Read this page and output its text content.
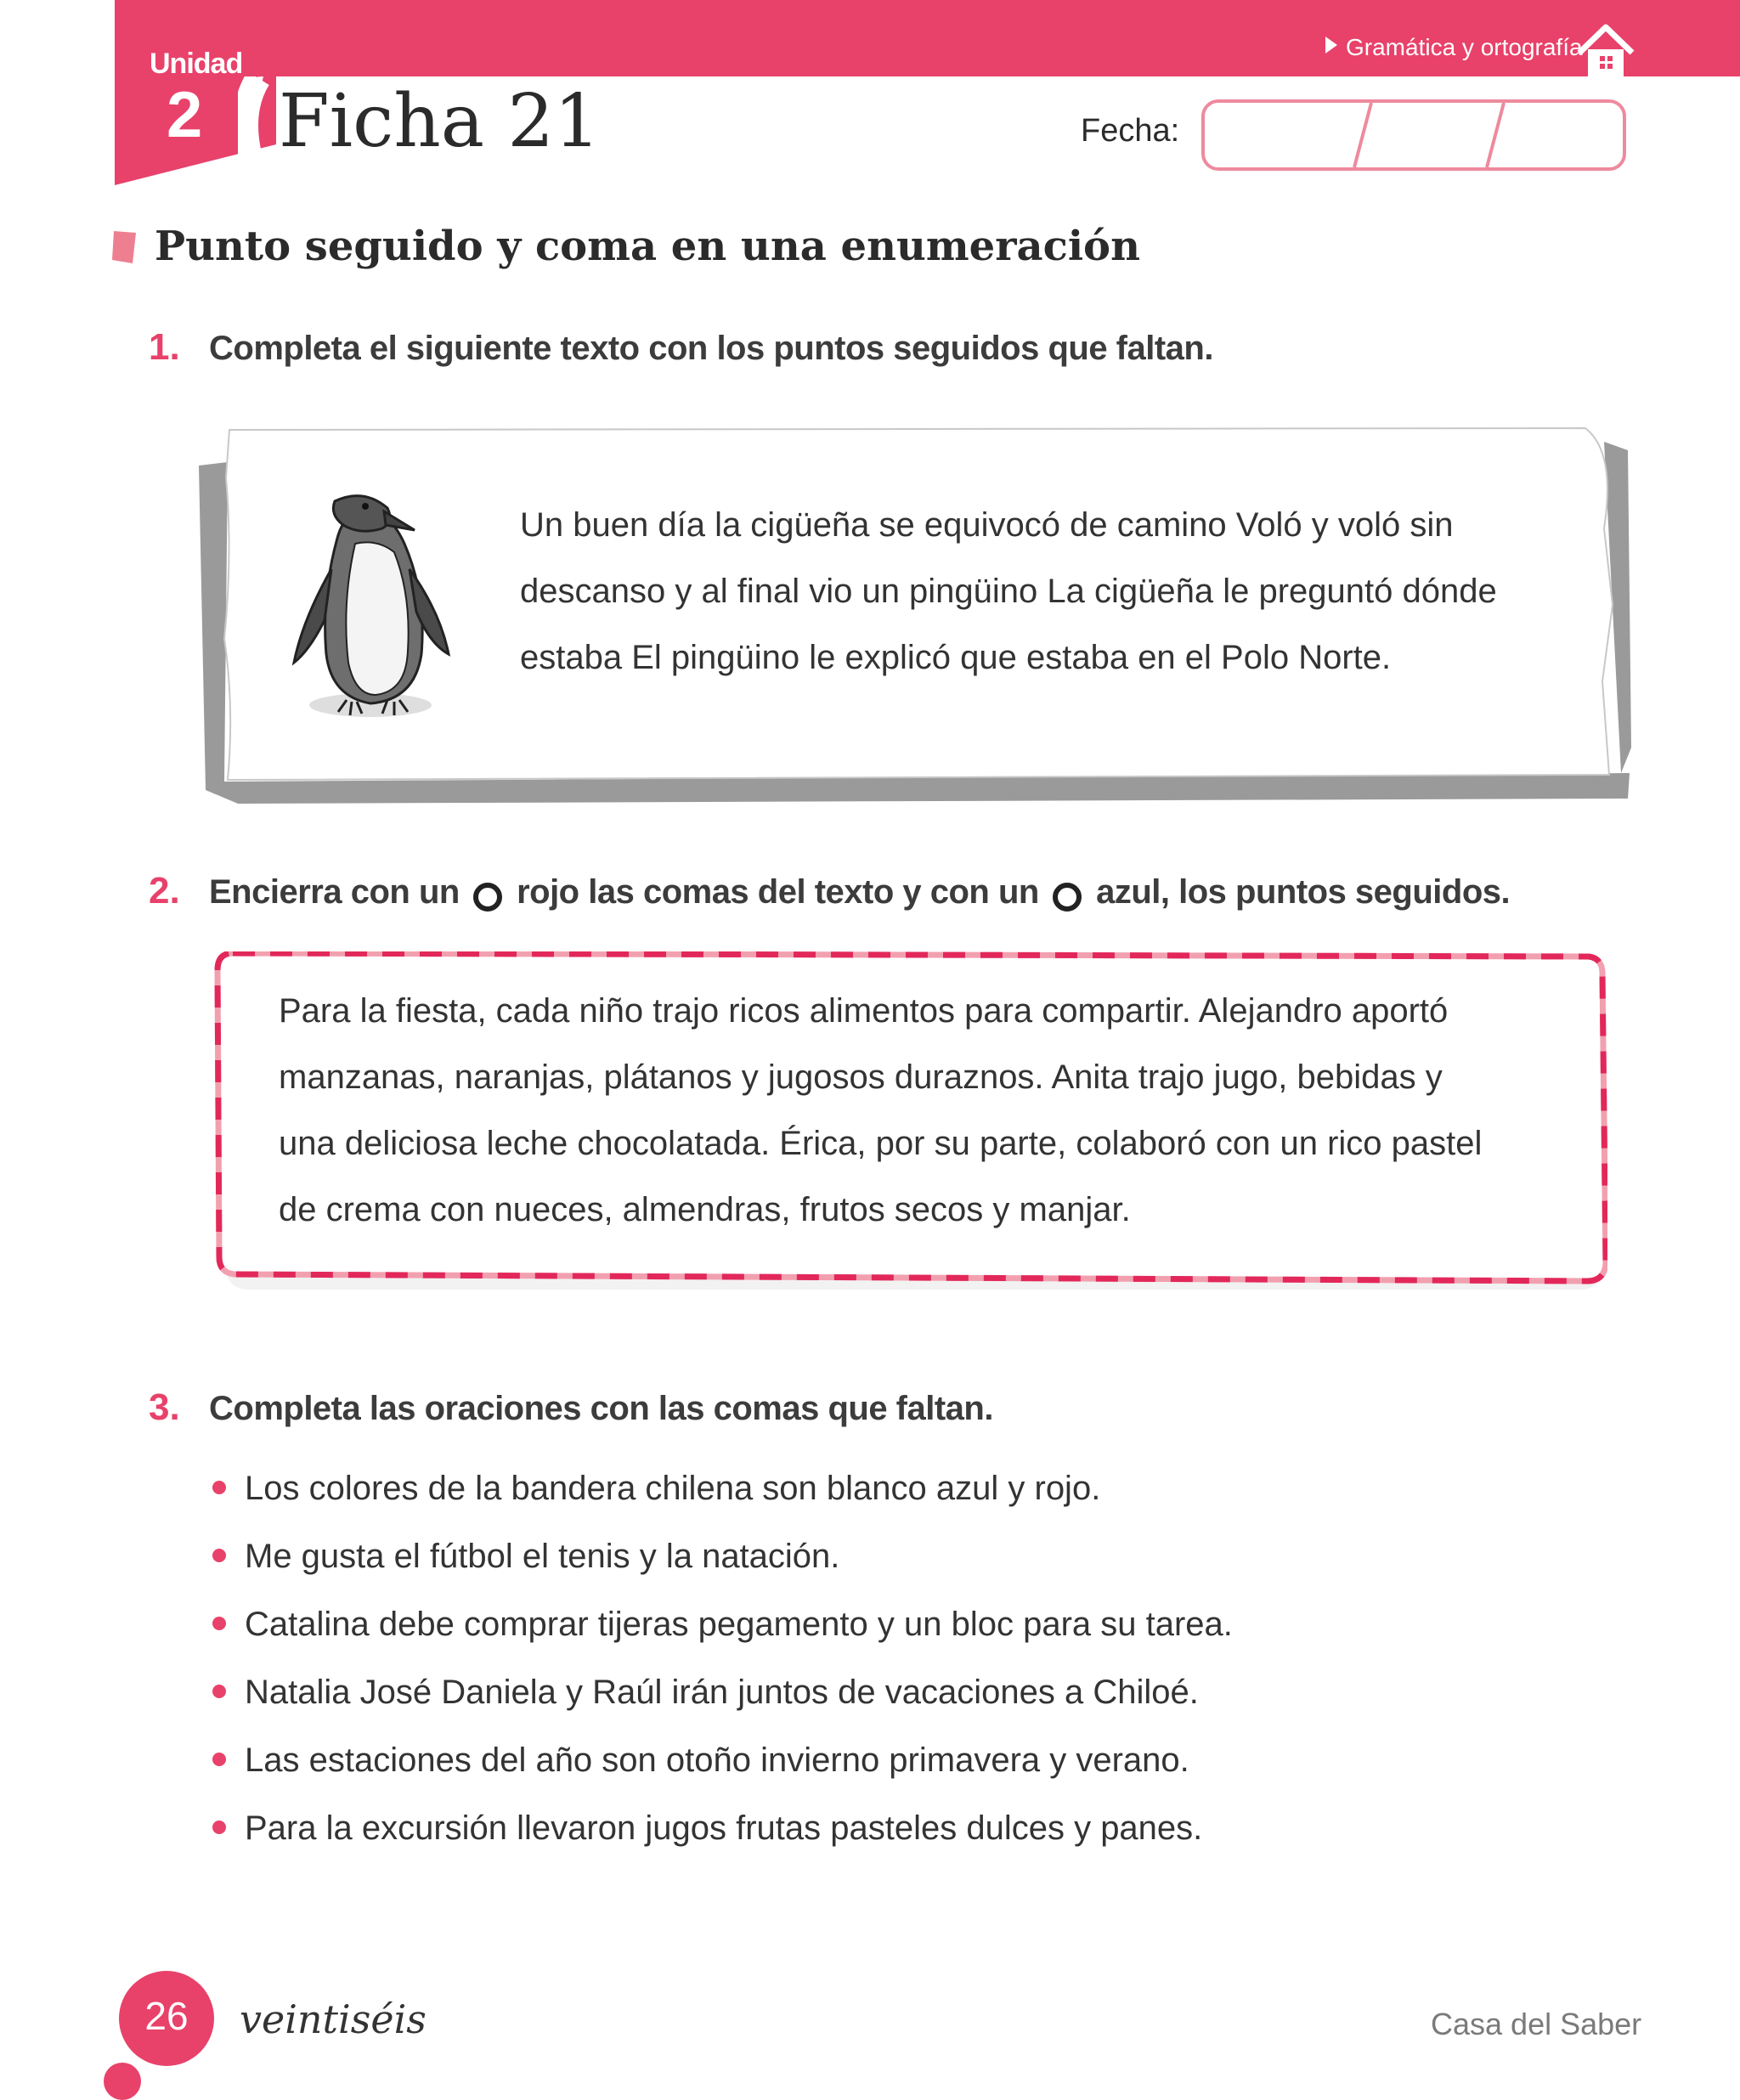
Unidad
2 Ficha 21
Gramática y ortografía
Fecha:
Punto seguido y coma en una enumeración
1. Completa el siguiente texto con los puntos seguidos que faltan.
Un buen día la cigüeña se equivocó de camino Voló y voló sin
descanso y al final vio un pingüino La cigüeña le preguntó dónde
estaba El pingüino le explicó que estaba en el Polo Norte.
2. Encierra con un rojo las comas del texto y con un azul, los puntos seguidos.
Para la fiesta, cada niño trajo ricos alimentos para compartir. Alejandro aportó
manzanas, naranjas, plátanos y jugosos duraznos. Anita trajo jugo, bebidas y
una deliciosa leche chocolatada. Érica, por su parte, colaboró con un rico pastel
de crema con nueces, almendras, frutos secos y manjar.
3. Completa las oraciones con las comas que faltan.
Los colores de la bandera chilena son blanco azul y rojo.
Me gusta el fútbol el tenis y la natación.
Catalina debe comprar tijeras pegamento y un bloc para su tarea.
Natalia José Daniela y Raúl irán juntos de vacaciones a Chiloé.
Las estaciones del año son otoño invierno primavera y verano.
Para la excursión llevaron jugos frutas pasteles dulces y panes.
26	veintiséis	Casa del Saber
